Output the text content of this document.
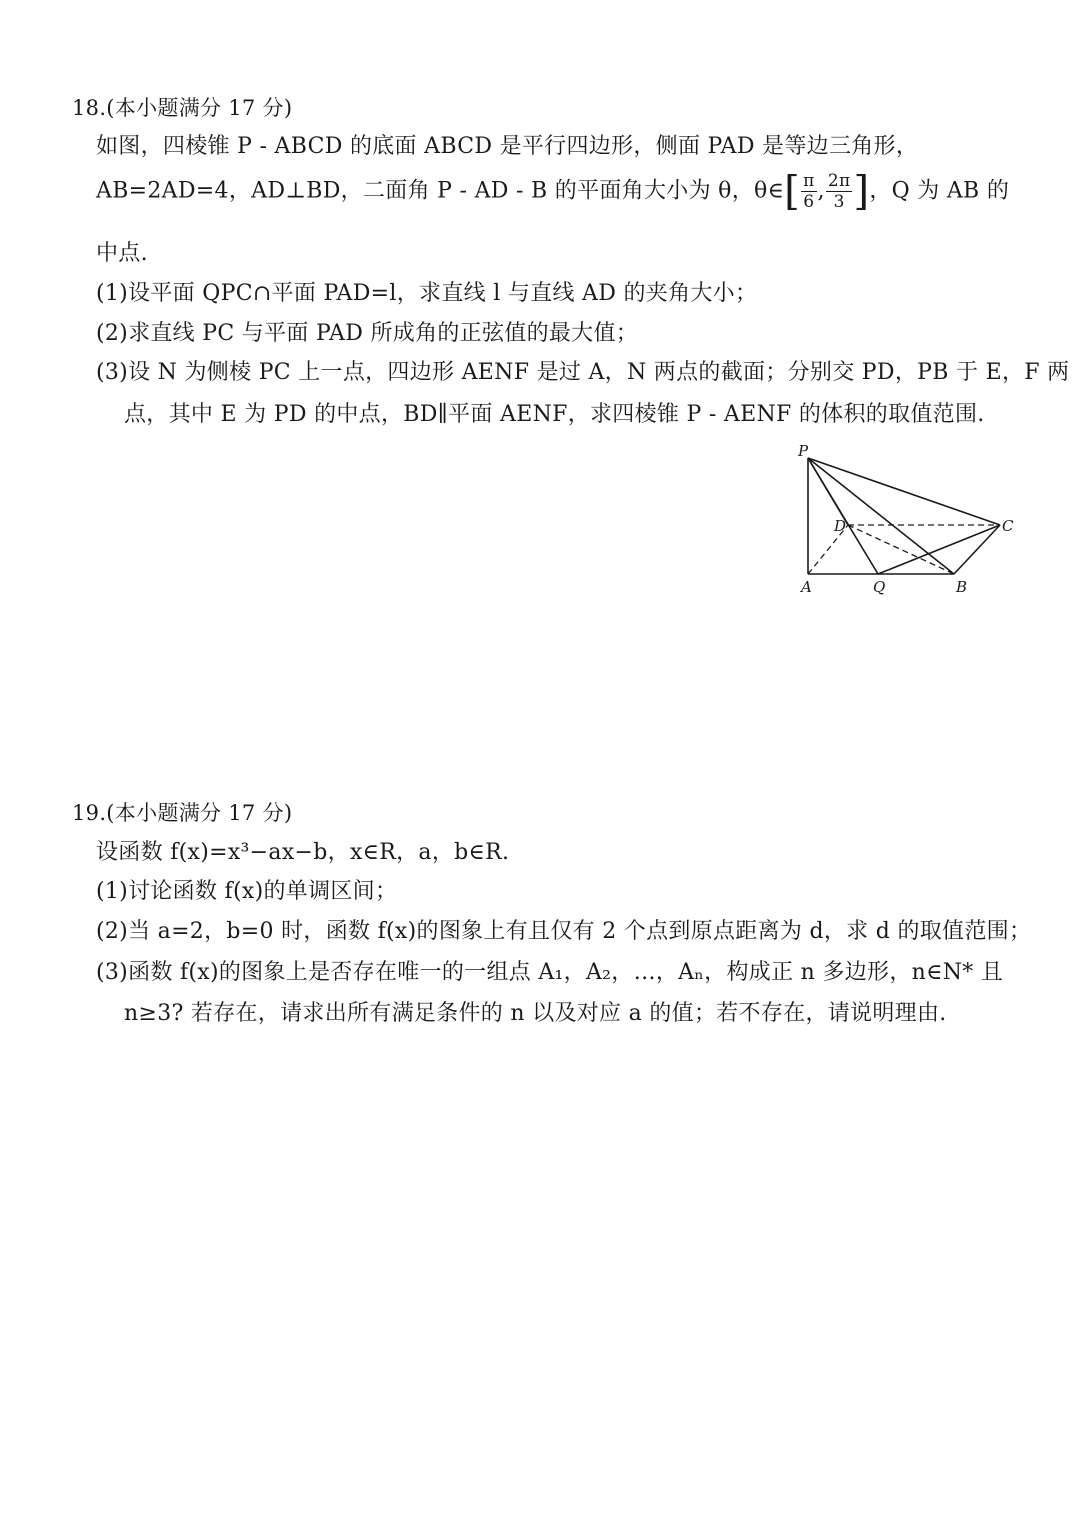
18.(本小题满分 17 分)
如图，四棱锥 P - ABCD 的底面 ABCD 是平行四边形，侧面 PAD 是等边三角形，
AB=2AD=4，AD⊥BD，二面角 P - AD - B 的平面角大小为 θ，θ∈[ $\frac{\pi}{6}$ , $\frac{2\pi}{3}$ ]，Q 为 AB 的
中点.
(1)设平面 QPC∩平面 PAD=l，求直线 l 与直线 AD 的夹角大小；
(2)求直线 PC 与平面 PAD 所成角的正弦值的最大值；
(3)设 N 为侧棱 PC 上一点，四边形 AENF 是过 A，N 两点的截面；分别交 PD，PB 于 E，F 两
点，其中 E 为 PD 的中点，BD∥平面 AENF，求四棱锥 P - AENF 的体积的取值范围.
P
A	Q	B
C
D
19.(本小题满分 17 分)
设函数 f(x)=x³−ax−b，x∈R，a，b∈R.
(1)讨论函数 f(x)的单调区间；
(2)当 a=2，b=0 时，函数 f(x)的图象上有且仅有 2 个点到原点距离为 d，求 d 的取值范围；
(3)函数 f(x)的图象上是否存在唯一的一组点 A₁，A₂，…，Aₙ，构成正 n 多边形，n∈N* 且
n≥3? 若存在，请求出所有满足条件的 n 以及对应 a 的值；若不存在，请说明理由.
